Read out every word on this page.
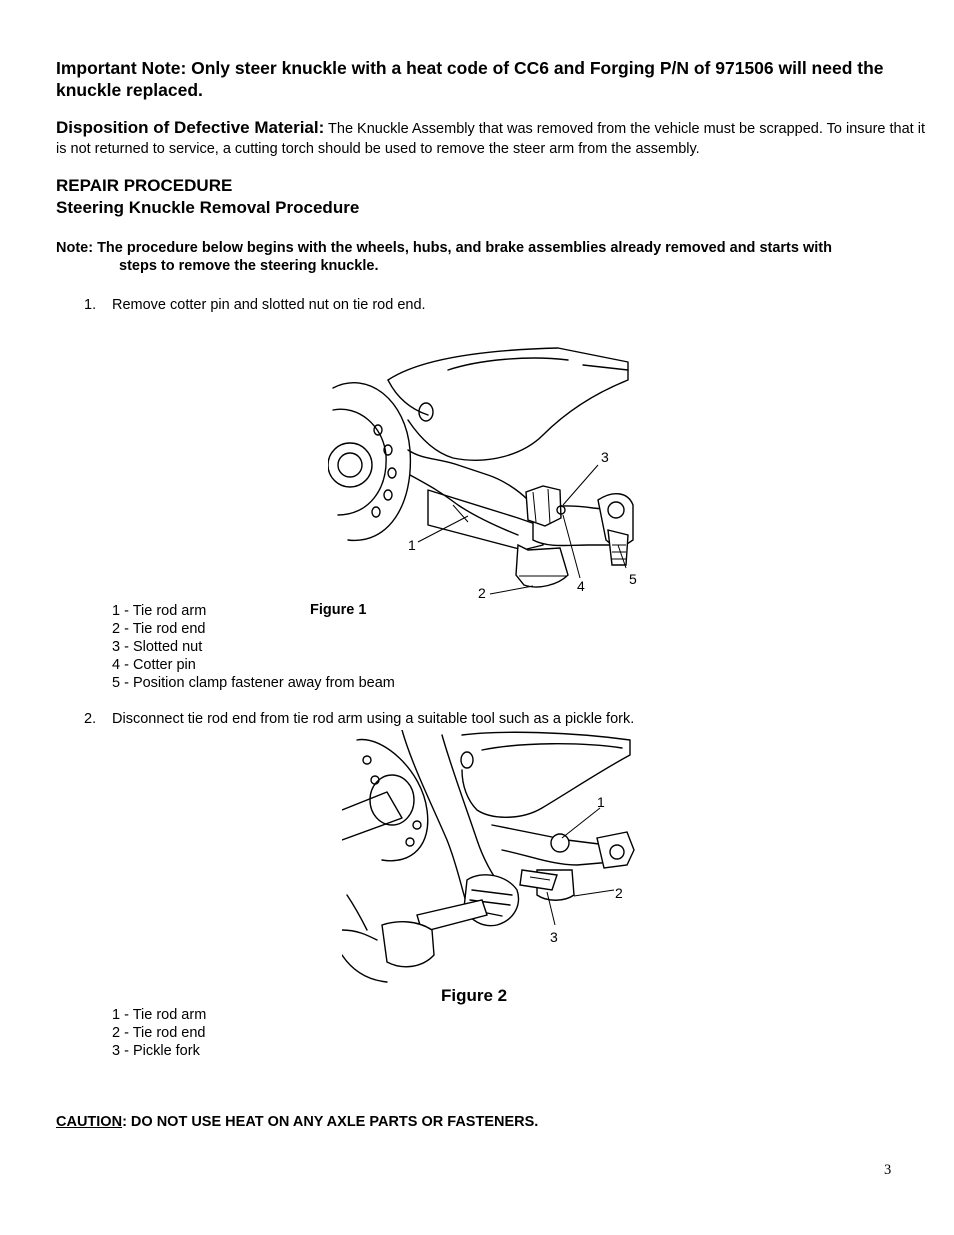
Important Note: Only steer knuckle with a heat code of CC6 and Forging P/N of 971506 will need the knuckle replaced.
Disposition of Defective Material: The Knuckle Assembly that was removed from the vehicle must be scrapped. To insure that it is not returned to service, a cutting torch should be used to remove the steer arm from the assembly.
REPAIR PROCEDURE
Steering Knuckle Removal Procedure
Note: The procedure below begins with the wheels, hubs, and brake assemblies already removed and starts with
steps to remove the steering knuckle.
1. Remove cotter pin and slotted nut on tie rod end.
1
2
3
4	5
Figure 1
1 - Tie rod arm
2 - Tie rod end
3 - Slotted nut
4 - Cotter pin
5 - Position clamp fastener away from beam
2. Disconnect tie rod end from tie rod arm using a suitable tool such as a pickle fork.
1
2
3
Figure 2
1 - Tie rod arm
2 - Tie rod end
3 - Pickle fork
CAUTION: DO NOT USE HEAT ON ANY AXLE PARTS OR FASTENERS.
3
